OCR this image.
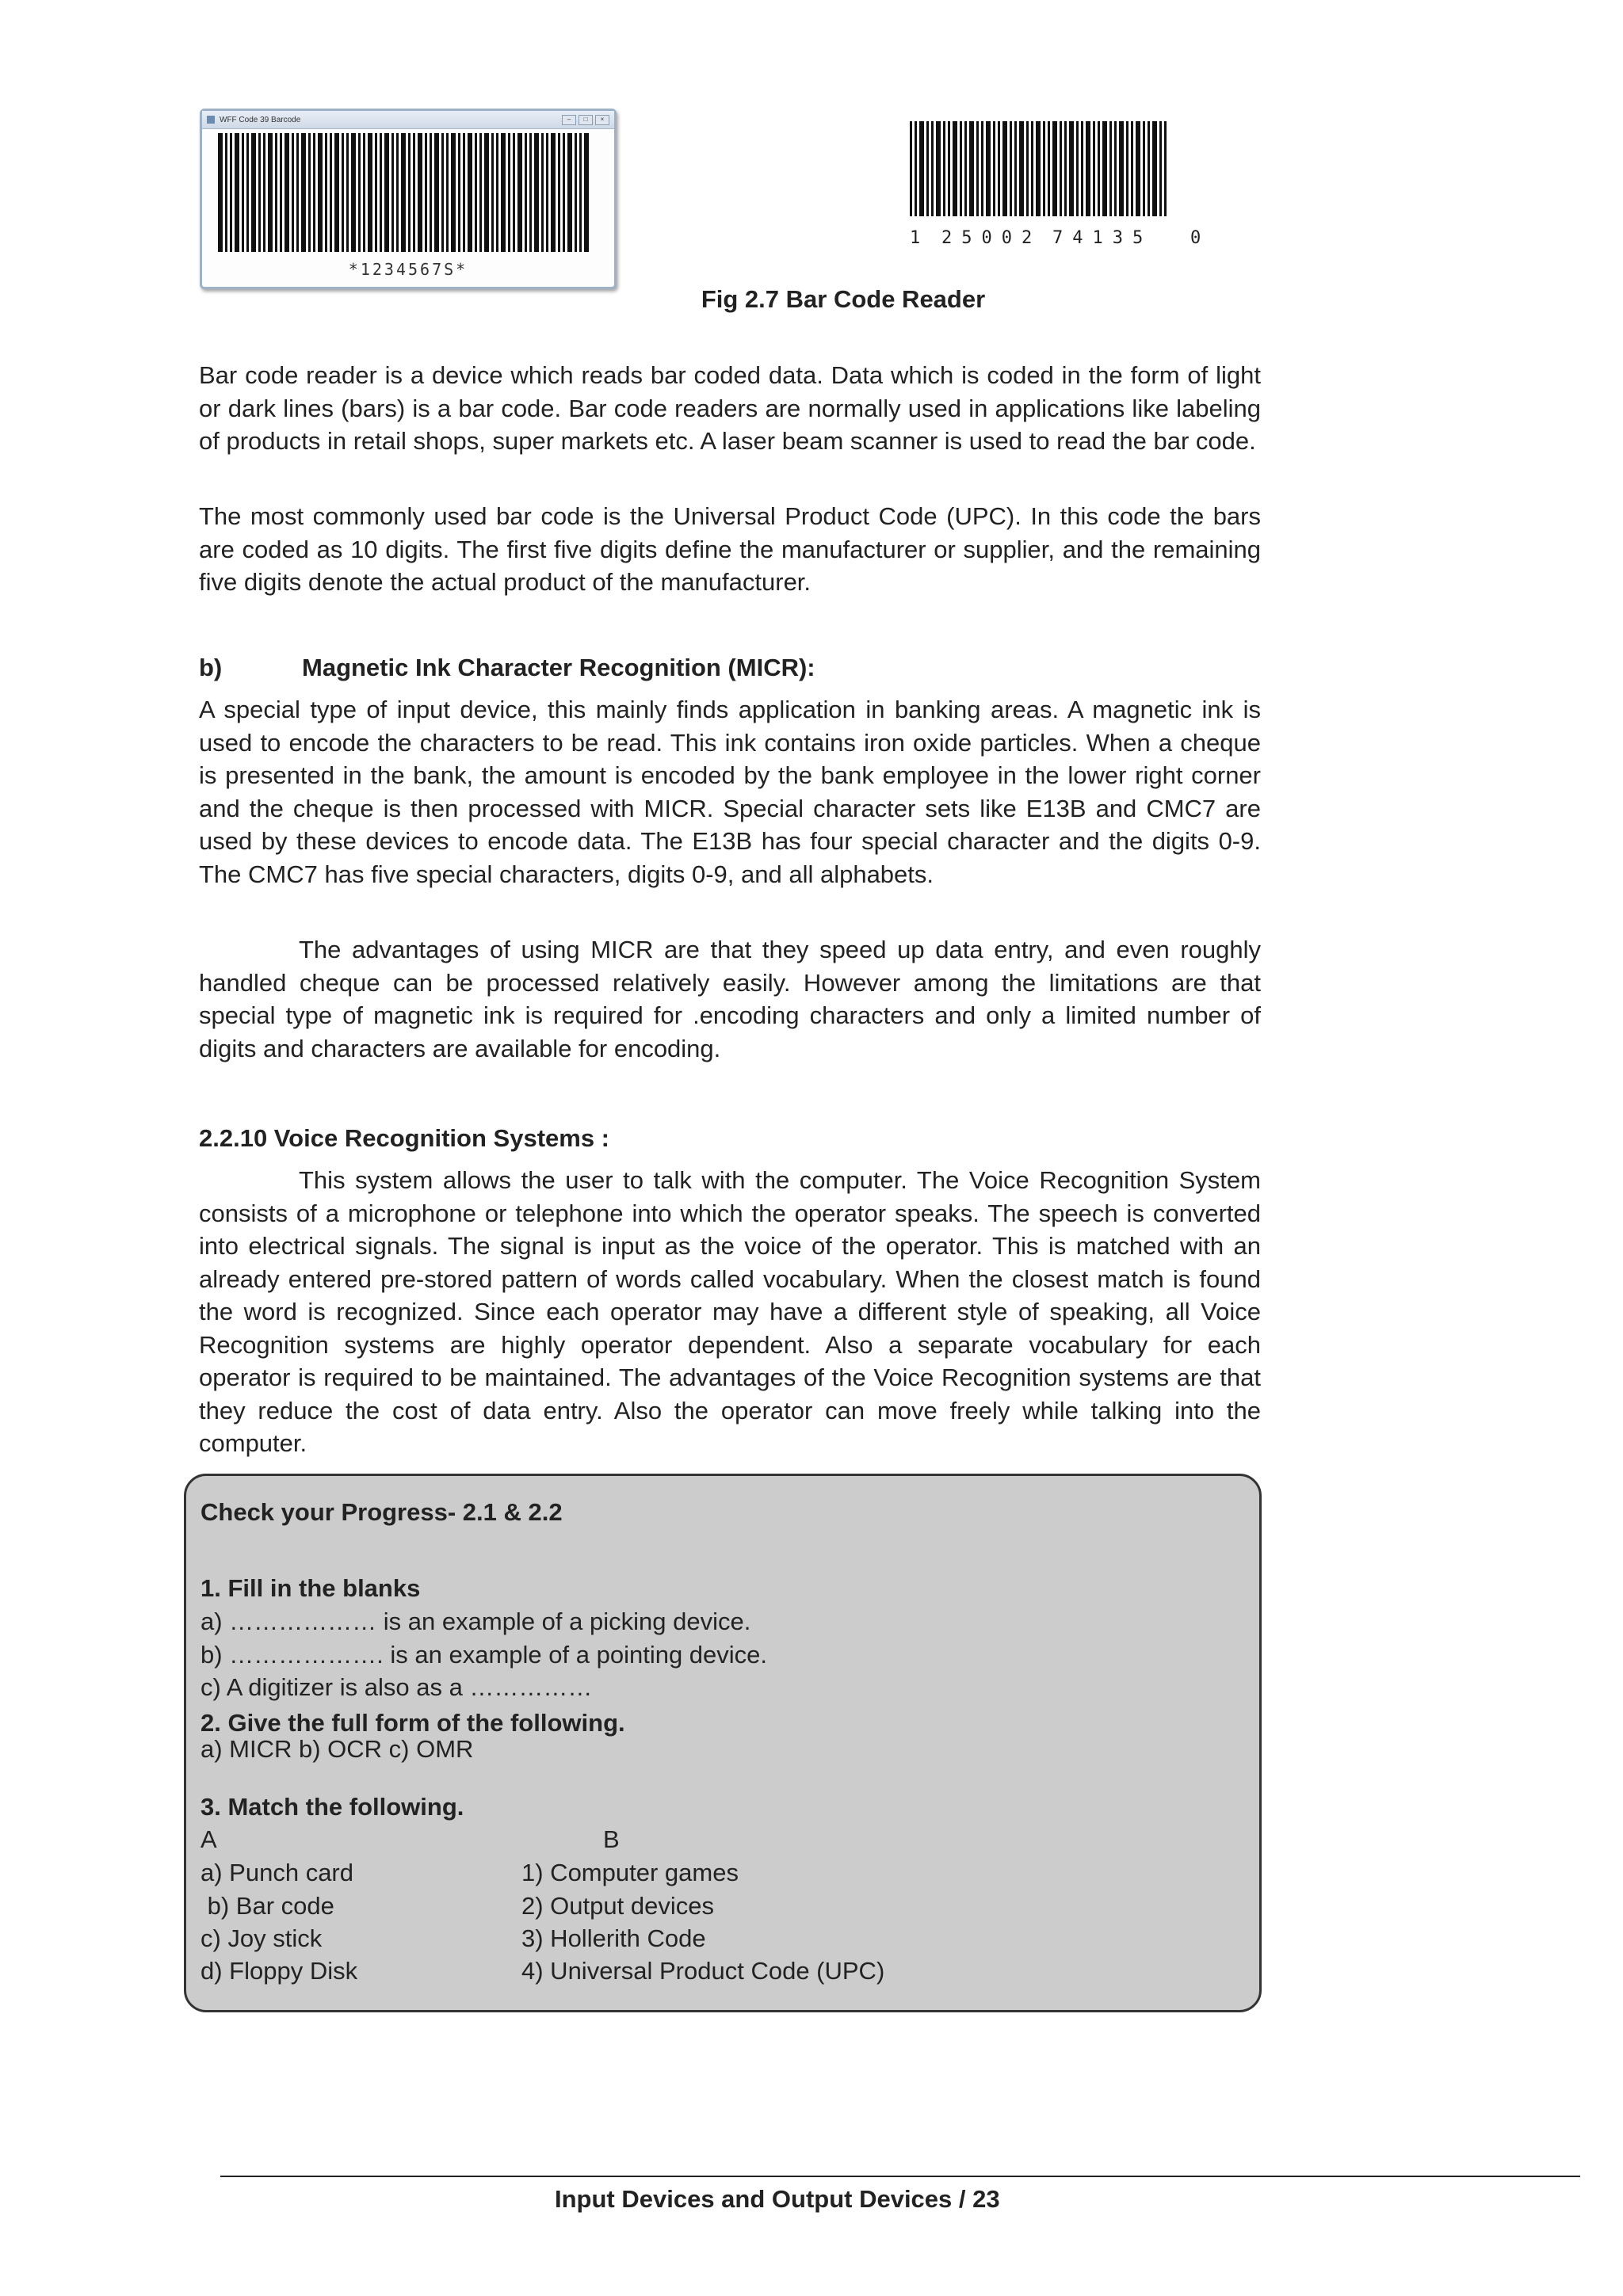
WFF Code 39 Barcode	–	□	×
*1234567S*
1 25002 74135 0
Fig 2.7 Bar Code Reader

Bar code reader is a device which reads bar coded data. Data which is coded in the form of light or dark lines (bars) is a bar code. Bar code readers are normally used in applications like labeling of products in retail shops, super markets etc. A laser beam scanner is used to read the bar code.

The most commonly used bar code is the Universal Product Code (UPC). In this code the bars are coded as 10 digits. The first five digits define the manufacturer or supplier, and the remaining five digits denote the actual product of the manufacturer.

b)	Magnetic Ink Character Recognition (MICR):

A special type of input device, this mainly finds application in banking areas. A magnetic ink is used to encode the characters to be read. This ink contains iron oxide particles. When a cheque is presented in the bank, the amount is encoded by the bank employee in the lower right corner and the cheque is then processed with MICR. Special character sets like E13B and CMC7 are used by these devices to encode data. The E13B has four special character and the digits 0-9. The CMC7 has five special characters, digits 0-9, and all alphabets.

The advantages of using MICR are that they speed up data entry, and even roughly handled cheque can be processed relatively easily. However among the limitations are that special type of magnetic ink is required for .encoding characters and only a limited number of digits and characters are available for encoding.

2.2.10 Voice Recognition Systems :

This system allows the user to talk with the computer. The Voice Recognition System consists of a microphone or telephone into which the operator speaks. The speech is converted into electrical signals. The signal is input as the voice of the operator. This is matched with an already entered pre-stored pattern of words called vocabulary. When the closest match is found the word is recognized. Since each operator may have a different style of speaking, all Voice Recognition systems are highly operator dependent. Also a separate vocabulary for each operator is required to be maintained. The advantages of the Voice Recognition systems are that they reduce the cost of data entry. Also the operator can move freely while talking into the computer.

Check your Progress- 2.1 & 2.2
1. Fill in the blanks
a) ……………… is an example of a picking device.
b) ………………. is an example of a pointing device.
c) A digitizer is also as a ……………
2. Give the full form of the following.
a) MICR b) OCR c) OMR
3. Match the following.
A	B
a) Punch card	1) Computer games
b) Bar code	2) Output devices
c) Joy stick	3) Hollerith Code
d) Floppy Disk	4) Universal Product Code (UPC)
Input Devices and Output Devices / 23
